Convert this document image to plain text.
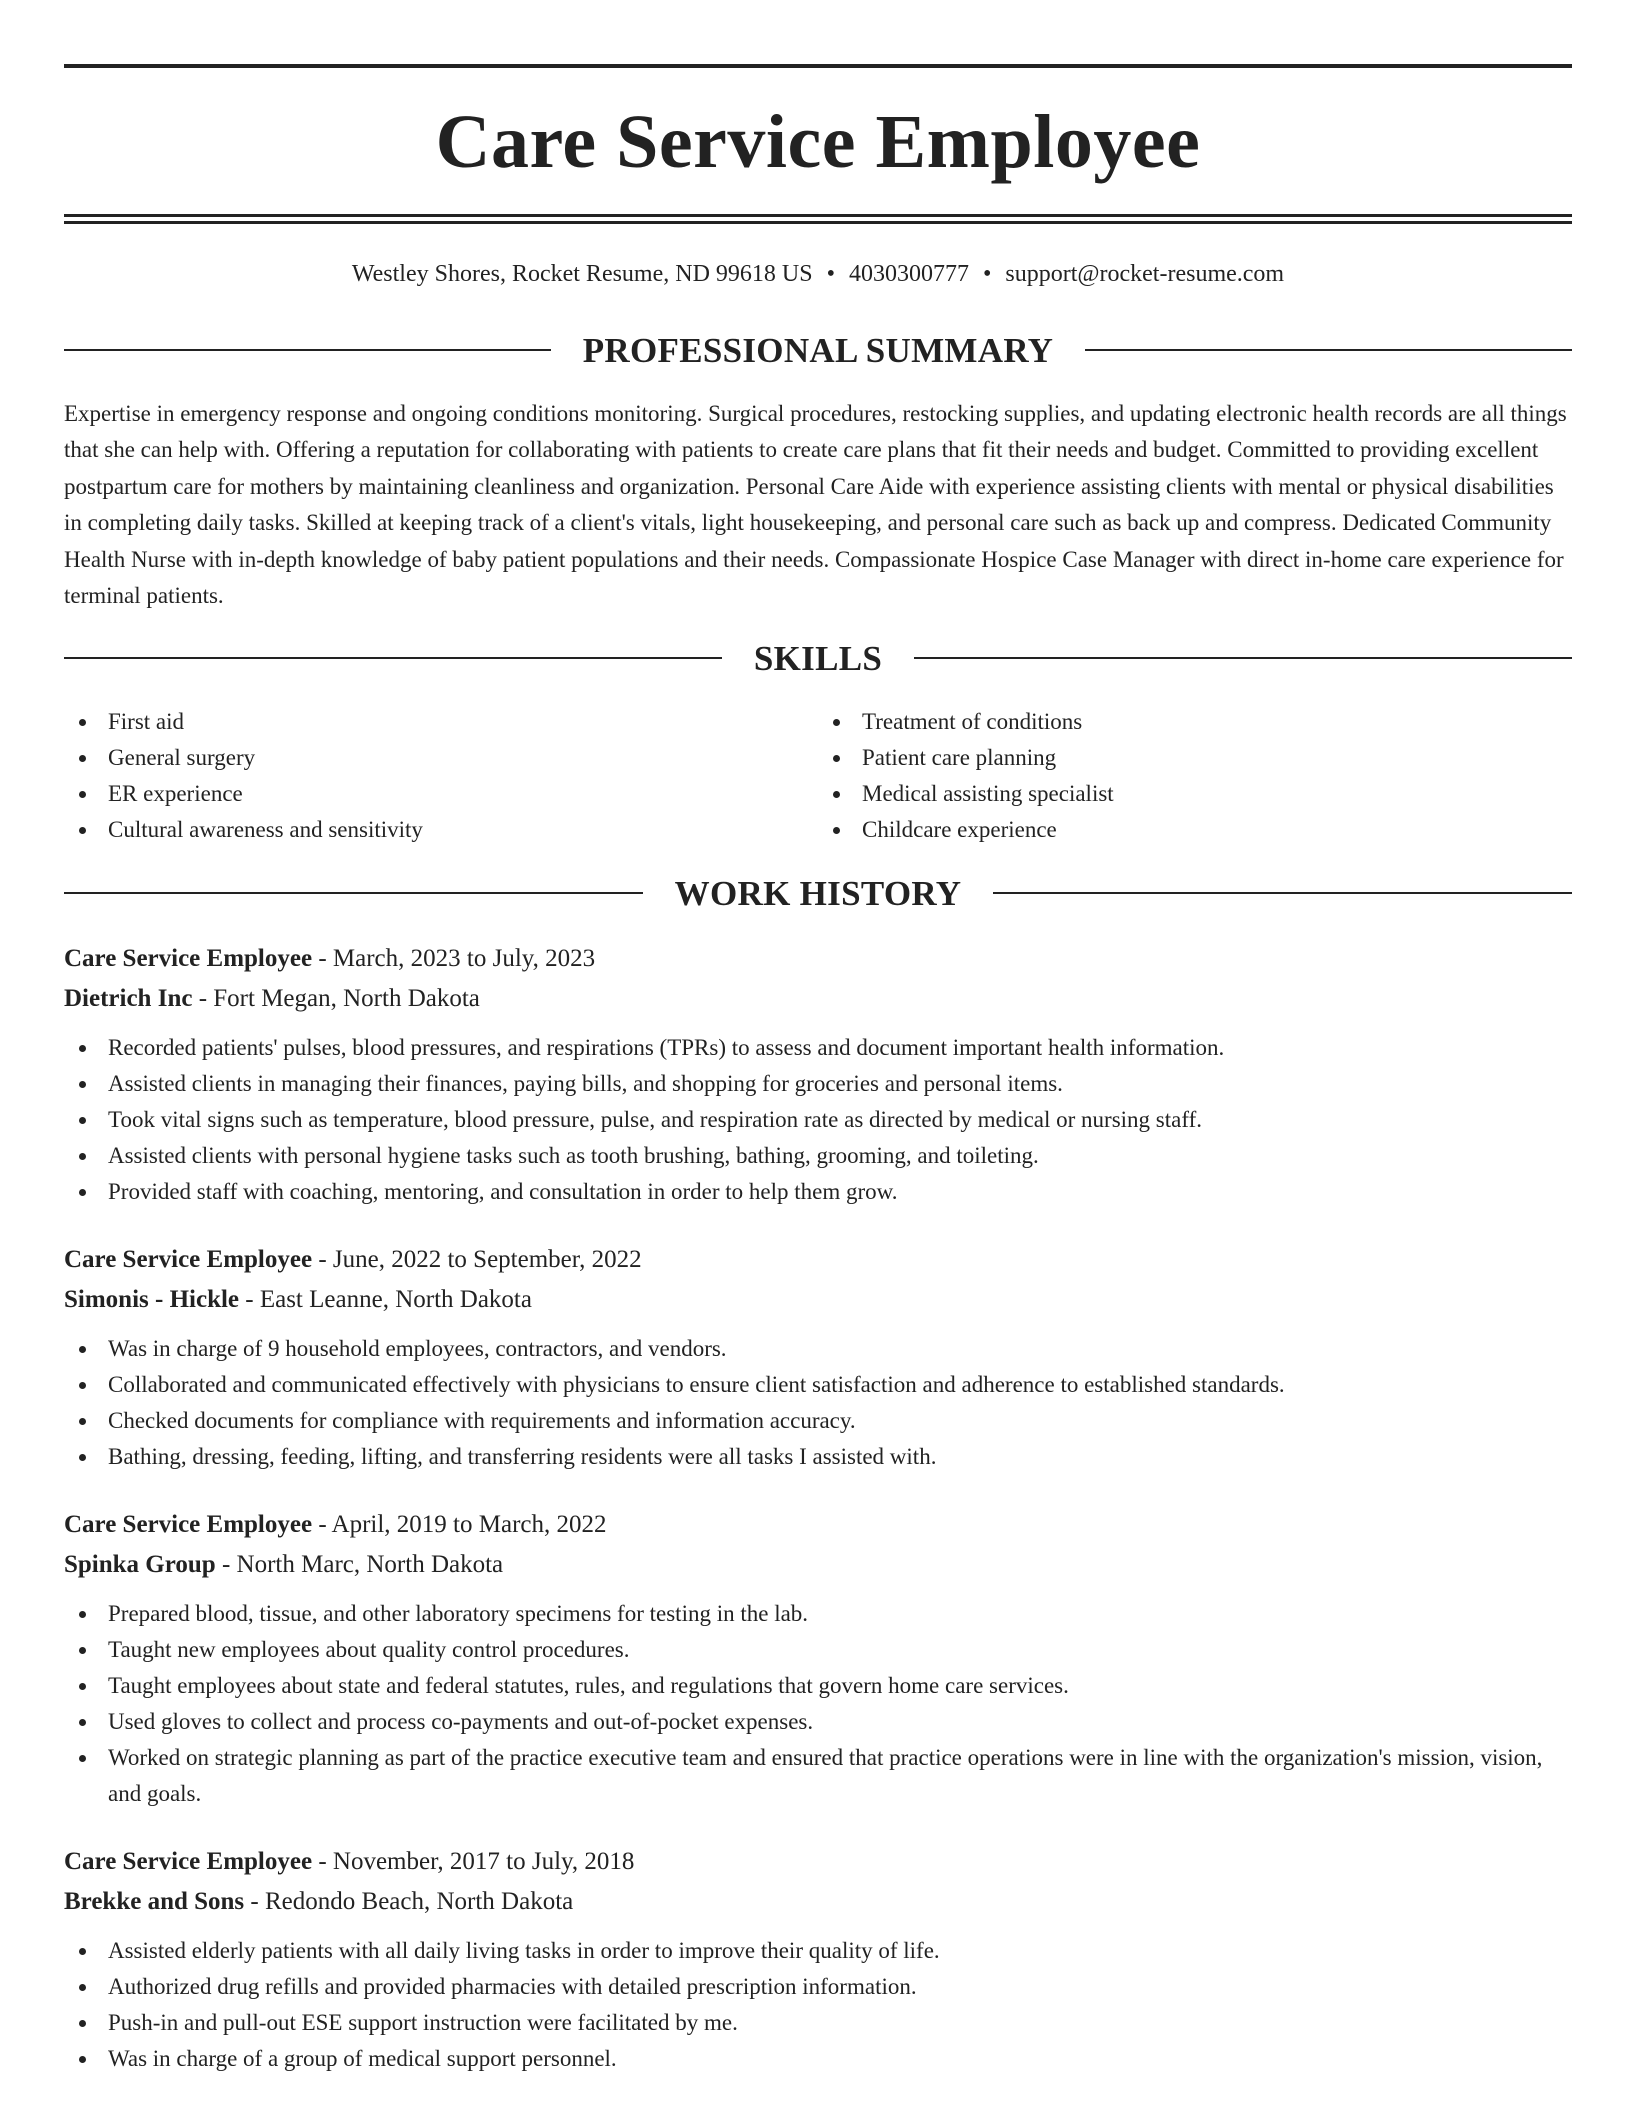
Care Service Employee
Westley Shores, Rocket Resume, ND 99618 US • 4030300777 • support@rocket-resume.com
PROFESSIONAL SUMMARY

Expertise in emergency response and ongoing conditions monitoring. Surgical procedures, restocking supplies, and updating electronic health records are all things that she can help with. Offering a reputation for collaborating with patients to create care plans that fit their needs and budget. Committed to providing excellent postpartum care for mothers by maintaining cleanliness and organization. Personal Care Aide with experience assisting clients with mental or physical disabilities in completing daily tasks. Skilled at keeping track of a client's vitals, light housekeeping, and personal care such as back up and compress. Dedicated Community Health Nurse with in-depth knowledge of baby patient populations and their needs. Compassionate Hospice Case Manager with direct in-home care experience for terminal patients.

SKILLS
First aid
General surgery
ER experience
Cultural awareness and sensitivity
Treatment of conditions
Patient care planning
Medical assisting specialist
Childcare experience
WORK HISTORY
Care Service Employee - March, 2023 to July, 2023
Dietrich Inc - Fort Megan, North Dakota
Recorded patients' pulses, blood pressures, and respirations (TPRs) to assess and document important health information.
Assisted clients in managing their finances, paying bills, and shopping for groceries and personal items.
Took vital signs such as temperature, blood pressure, pulse, and respiration rate as directed by medical or nursing staff.
Assisted clients with personal hygiene tasks such as tooth brushing, bathing, grooming, and toileting.
Provided staff with coaching, mentoring, and consultation in order to help them grow.
Care Service Employee - June, 2022 to September, 2022
Simonis - Hickle - East Leanne, North Dakota
Was in charge of 9 household employees, contractors, and vendors.
Collaborated and communicated effectively with physicians to ensure client satisfaction and adherence to established standards.
Checked documents for compliance with requirements and information accuracy.
Bathing, dressing, feeding, lifting, and transferring residents were all tasks I assisted with.
Care Service Employee - April, 2019 to March, 2022
Spinka Group - North Marc, North Dakota
Prepared blood, tissue, and other laboratory specimens for testing in the lab.
Taught new employees about quality control procedures.
Taught employees about state and federal statutes, rules, and regulations that govern home care services.
Used gloves to collect and process co-payments and out-of-pocket expenses.
Worked on strategic planning as part of the practice executive team and ensured that practice operations were in line with the organization's mission, vision, and goals.
Care Service Employee - November, 2017 to July, 2018
Brekke and Sons - Redondo Beach, North Dakota
Assisted elderly patients with all daily living tasks in order to improve their quality of life.
Authorized drug refills and provided pharmacies with detailed prescription information.
Push-in and pull-out ESE support instruction were facilitated by me.
Was in charge of a group of medical support personnel.
